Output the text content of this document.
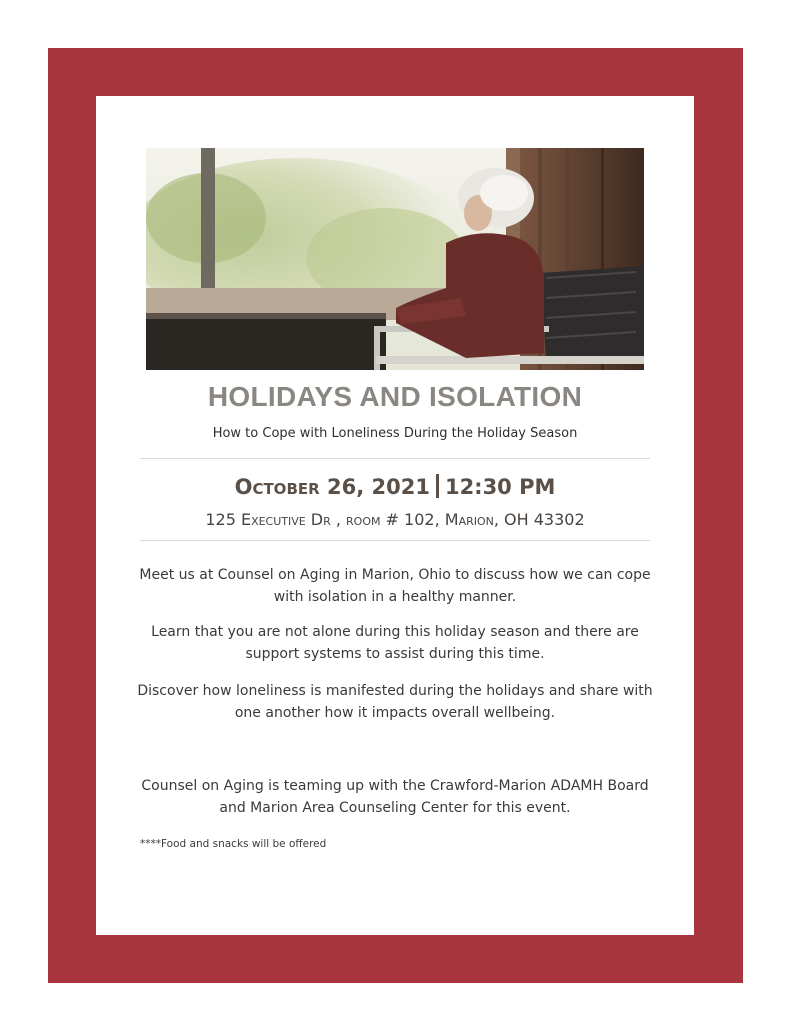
HOLIDAYS AND ISOLATION
How to Cope with Loneliness During the Holiday Season
October 26, 2021 12:30 PM
125 Executive Dr , room # 102, Marion, OH 43302
Meet us at Counsel on Aging in Marion, Ohio to discuss how we can cope with isolation in a healthy manner.
Learn that you are not alone during this holiday season and there are support systems to assist during this time.
Discover how loneliness is manifested during the holidays and share with one another how it impacts overall wellbeing.
Counsel on Aging is teaming up with the Crawford-Marion ADAMH Board and Marion Area Counseling Center for this event.
****Food and snacks will be offered
